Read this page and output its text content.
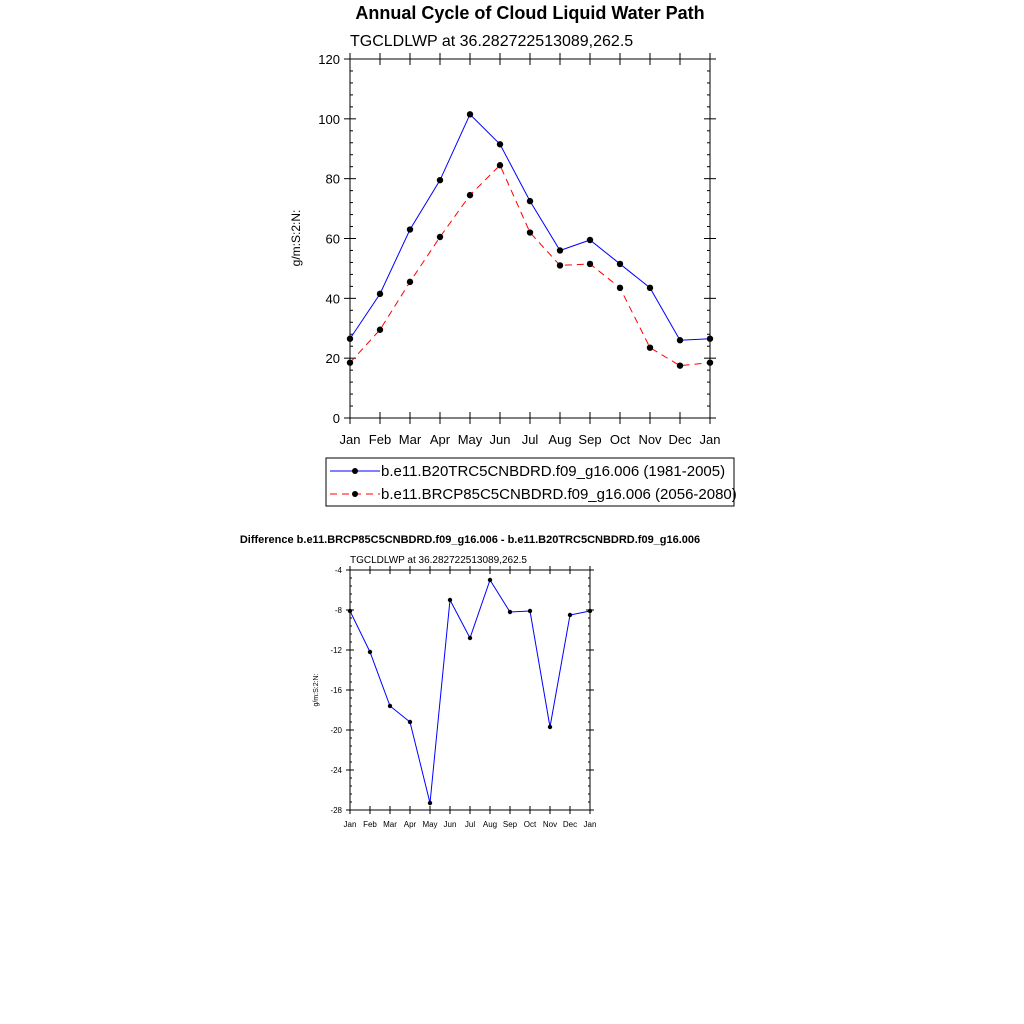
Annual Cycle of Cloud Liquid Water Path
TGCLDLWP at 36.282722513089,262.5
g/m:S:2:N:
0
20
40
60
80
100
120
Jan Feb Mar Apr May Jun Jul Aug Sep Oct Nov Dec Jan
b.e11.B20TRC5CNBDRD.f09_g16.006 (1981-2005)
b.e11.BRCP85C5CNBDRD.f09_g16.006 (2056-2080)
Difference b.e11.BRCP85C5CNBDRD.f09_g16.006 - b.e11.B20TRC5CNBDRD.f09_g16.006
TGCLDLWP at 36.282722513089,262.5
g/m:S:2:N:
-28
-24
-20
-16
-12
-8
-4
Jan Feb Mar Apr May Jun Jul Aug Sep Oct Nov Dec Jan
